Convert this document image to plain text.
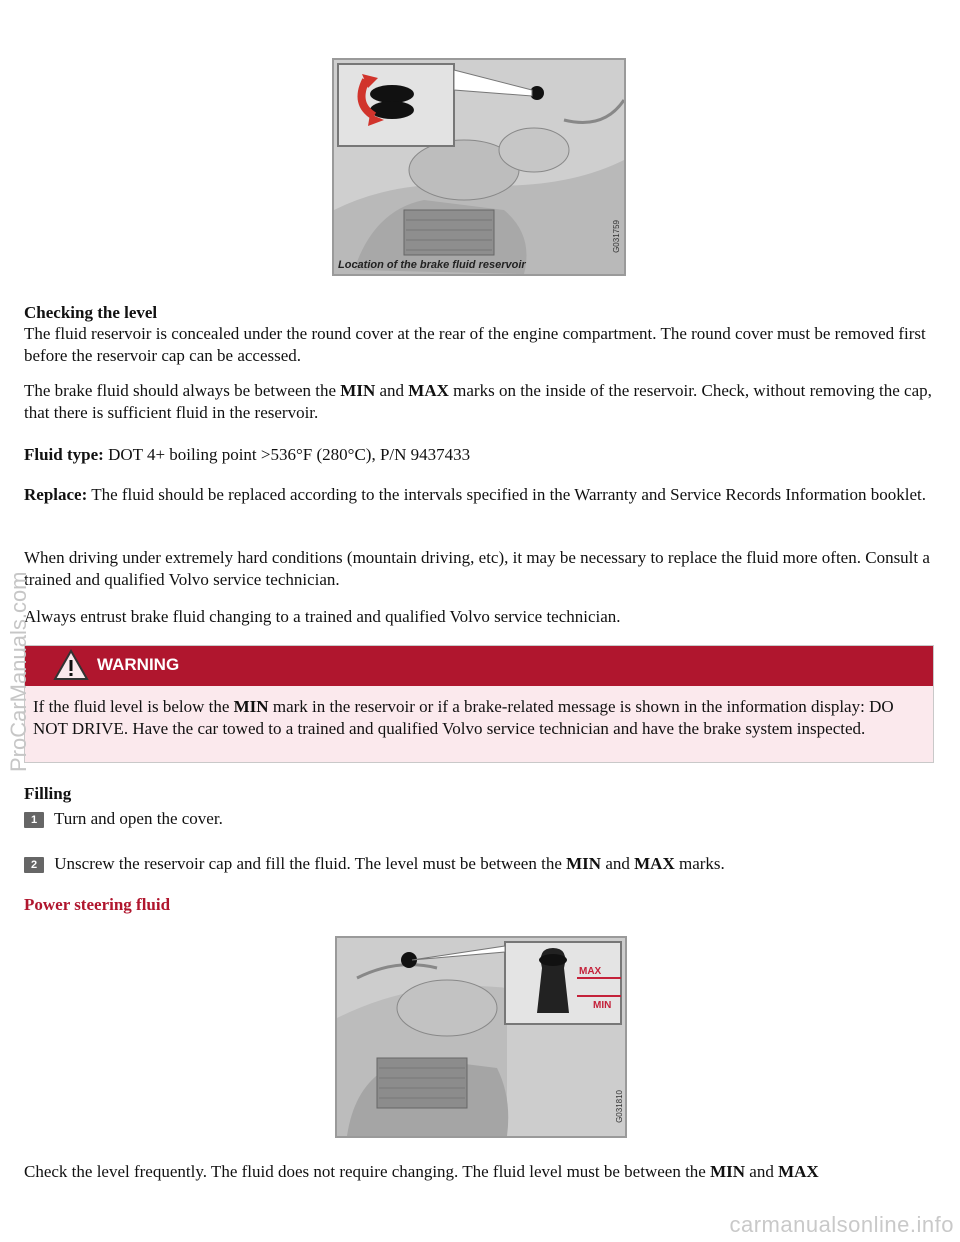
G031759
Location of the brake fluid reservoir

Checking the level

The fluid reservoir is concealed under the round cover at the rear of the engine compartment. The round cover must be removed first before the reservoir cap can be accessed.

The brake fluid should always be between the MIN and MAX marks on the inside of the reservoir. Check, without removing the cap, that there is sufficient fluid in the reservoir.

Fluid type: DOT 4+ boiling point >536°F (280°C), P/N 9437433

Replace: The fluid should be replaced according to the intervals specified in the Warranty and Service Records Information booklet.

When driving under extremely hard conditions (mountain driving, etc), it may be necessary to replace the fluid more often. Consult a trained and qualified Volvo service technician.

Always entrust brake fluid changing to a trained and qualified Volvo service technician.

WARNING

If the fluid level is below the MIN mark in the reservoir or if a brake-related message is shown in the information display: DO NOT DRIVE. Have the car towed to a trained and qualified Volvo service technician and have the brake system inspected.

Filling

1 Turn and open the cover.

2 Unscrew the reservoir cap and fill the fluid. The level must be between the MIN and MAX marks.

Power steering fluid

MAX
MIN
G031810

Check the level frequently. The fluid does not require changing. The fluid level must be between the MIN and MAX

ProCarManuals.com
carmanualsonline.info
